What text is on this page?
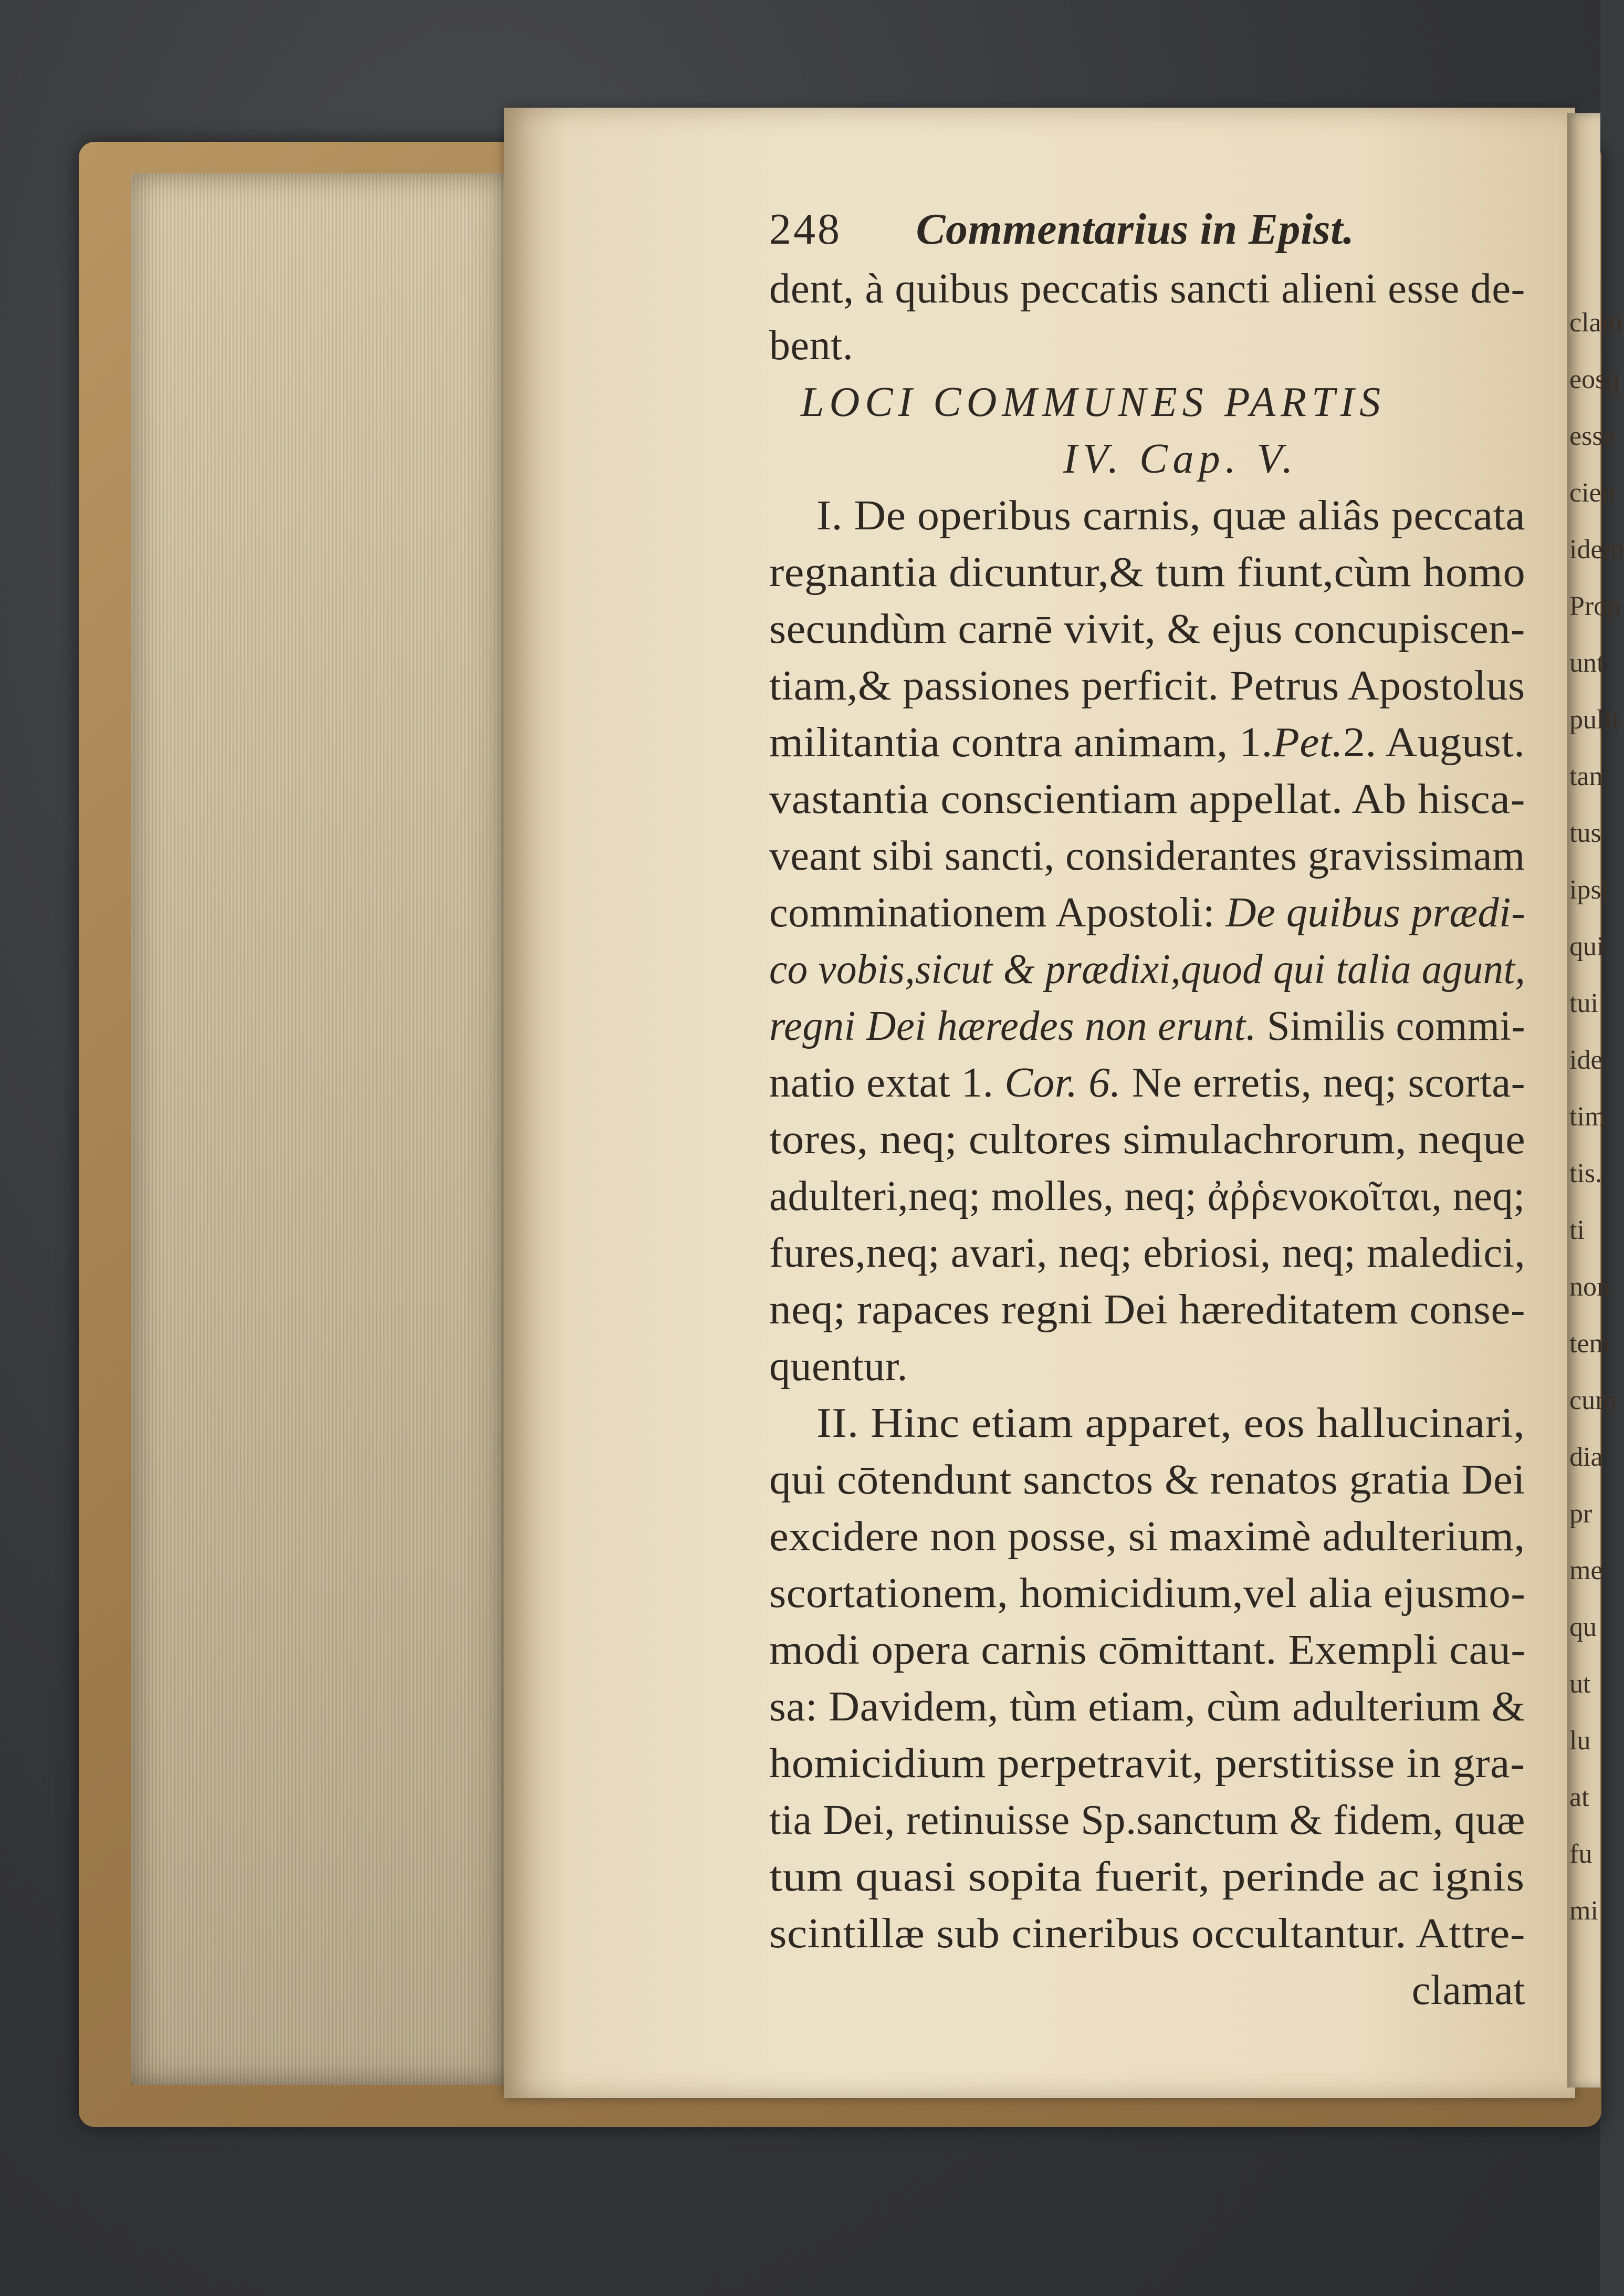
clam
eosq
esse
cien
idem
Prop
unt
pulit
tan
tus
ipsi
qui
tui
ide
tim
tis.
ti
non
tem
cum
dia
pr
me
qu
ut
lu
at
fu
mi
248 Commentarius in Epist.
dent, à quibus peccatis sancti alieni esse de-
bent.
LOCI COMMUNES PARTIS
IV. Cap. V.
I. De operibus carnis, quæ aliâs peccata
regnantia dicuntur,& tum fiunt,cùm homo
secundùm carnē vivit, & ejus concupiscen-
tiam,& passiones perficit. Petrus Apostolus
militantia contra animam, 1.Pet.2. August.
vastantia conscientiam appellat. Ab hisca-
veant sibi sancti, considerantes gravissimam
comminationem Apostoli: De quibus prædi-
co vobis,sicut & prædixi,quod qui talia agunt,
regni Dei hæredes non erunt. Similis commi-
natio extat 1. Cor. 6. Ne erretis, neq; scorta-
tores, neq; cultores simulachrorum, neque
adulteri,neq; molles, neq; ἀῤῥενοκοῖται, neq;
fures,neq; avari, neq; ebriosi, neq; maledici,
neq; rapaces regni Dei hæreditatem conse-
quentur.
II. Hinc etiam apparet, eos hallucinari,
qui cōtendunt sanctos & renatos gratia Dei
excidere non posse, si maximè adulterium,
scortationem, homicidium,vel alia ejusmo-
modi opera carnis cōmittant. Exempli cau-
sa: Davidem, tùm etiam, cùm adulterium &
homicidium perpetravit, perstitisse in gra-
tia Dei, retinuisse Sp.sanctum & fidem, quæ
tum quasi sopita fuerit, perinde ac ignis
scintillæ sub cineribus occultantur. Attre-
clamat
